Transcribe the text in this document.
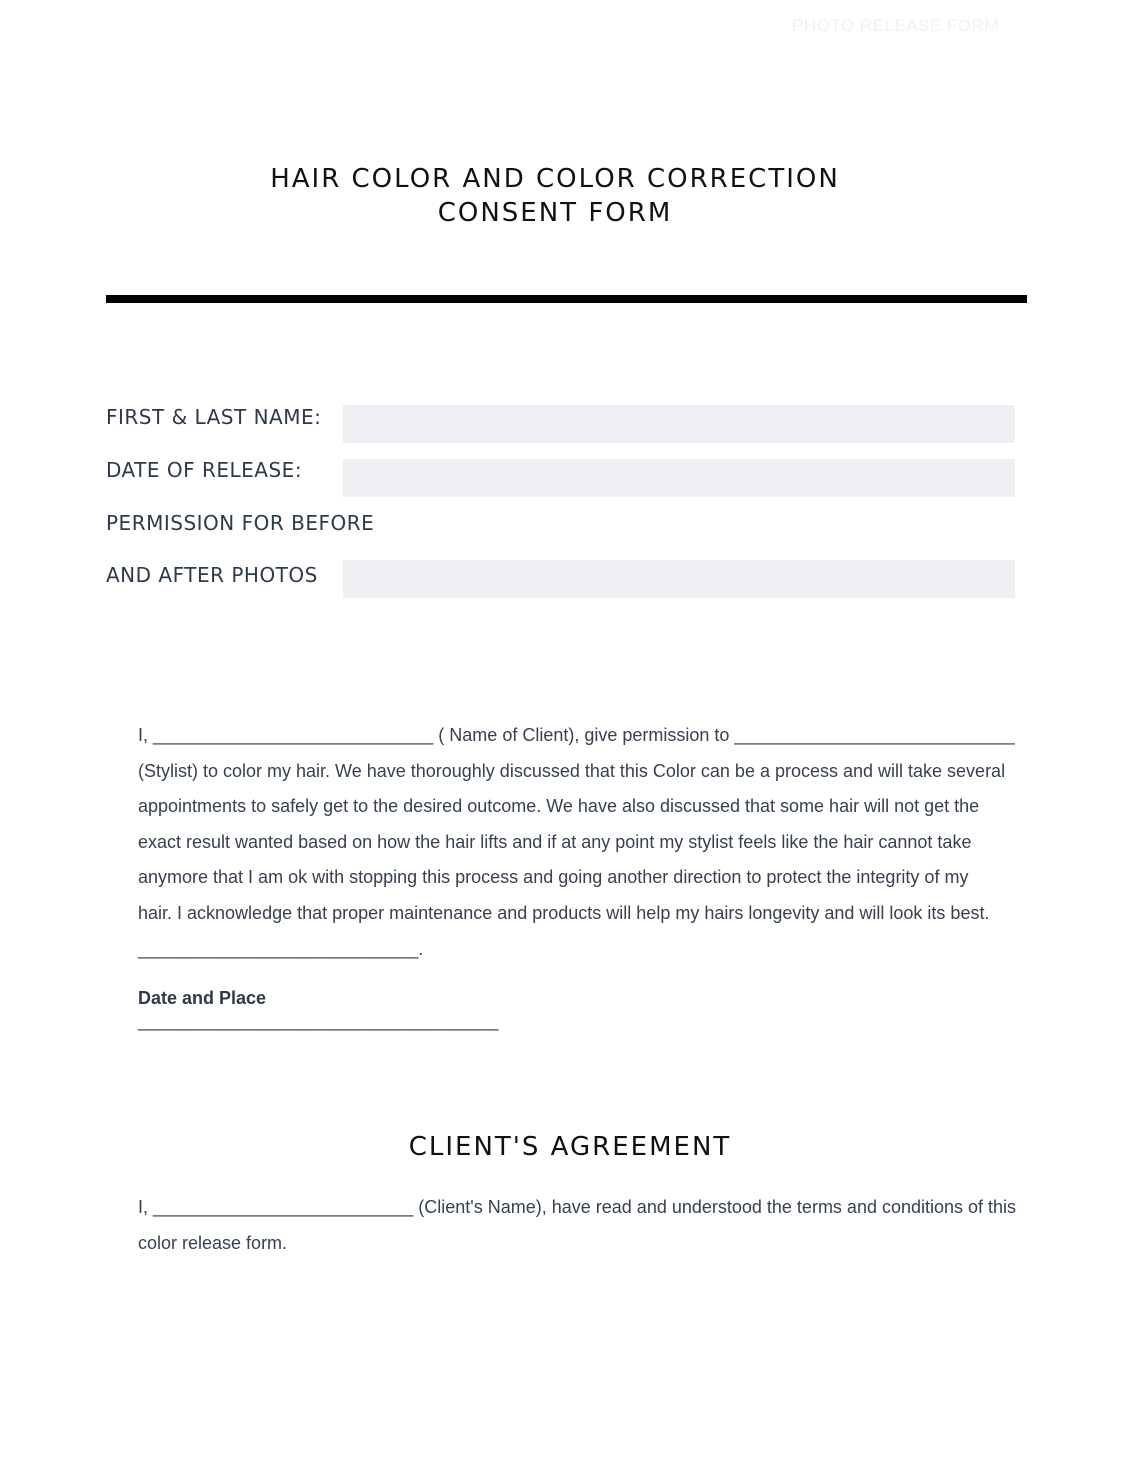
PHOTO RELEASE FORM
HAIR COLOR AND COLOR CORRECTION
CONSENT FORM
FIRST & LAST NAME:
DATE OF RELEASE:
PERMISSION FOR BEFORE
AND AFTER PHOTOS

I, ____________________________ ( Name of Client), give permission to ____________________________

(Stylist) to color my hair. We have thoroughly discussed that this Color can be a process and will take several

appointments to safely get to the desired outcome. We have also discussed that some hair will not get the

exact result wanted based on how the hair lifts and if at any point my stylist feels like the hair cannot take

anymore that I am ok with stopping this process and going another direction to protect the integrity of my

hair. I acknowledge that proper maintenance and products will help my hairs longevity and will look its best.

____________________________.

Date and Place
____________________________________
CLIENT'S AGREEMENT

I, __________________________ (Client's Name), have read and understood the terms and conditions of this

color release form.
